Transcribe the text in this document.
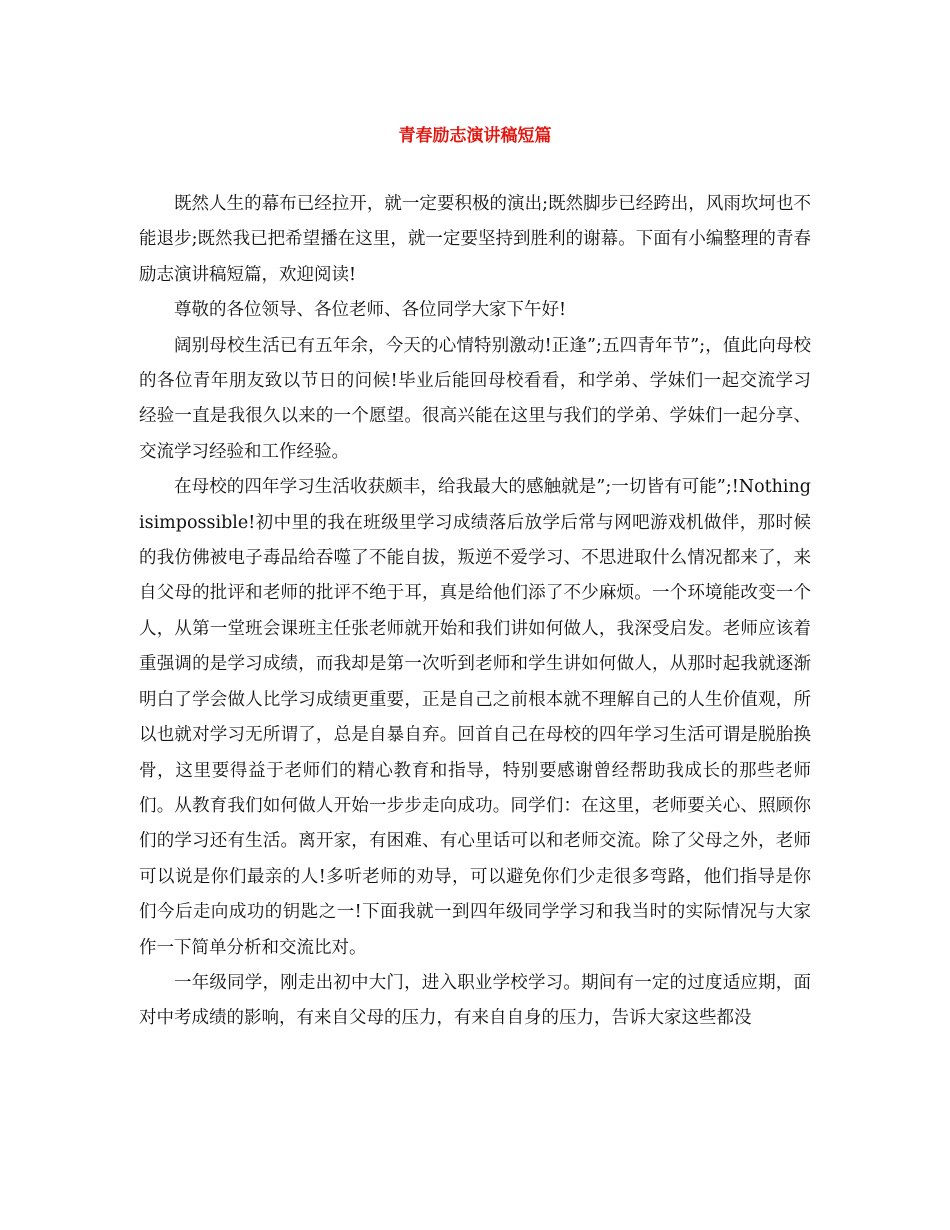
青春励志演讲稿短篇

既然人生的幕布已经拉开，就一定要积极的演出;既然脚步已经跨出，风雨坎坷也不能退步;既然我已把希望播在这里，就一定要坚持到胜利的谢幕。下面有小编整理的青春励志演讲稿短篇，欢迎阅读!

尊敬的各位领导、各位老师、各位同学大家下午好!

阔别母校生活已有五年余，今天的心情特别激动!正逢”;五四青年节”;，值此向母校的各位青年朋友致以节日的问候!毕业后能回母校看看，和学弟、学妹们一起交流学习经验一直是我很久以来的一个愿望。很高兴能在这里与我们的学弟、学妹们一起分享、交流学习经验和工作经验。

在母校的四年学习生活收获颇丰，给我最大的感触就是”;一切皆有可能”;!Nothingisimpossible!初中里的我在班级里学习成绩落后放学后常与网吧游戏机做伴，那时候的我仿佛被电子毒品给吞噬了不能自拔，叛逆不爱学习、不思进取什么情况都来了，来自父母的批评和老师的批评不绝于耳，真是给他们添了不少麻烦。一个环境能改变一个人，从第一堂班会课班主任张老师就开始和我们讲如何做人，我深受启发。老师应该着重强调的是学习成绩，而我却是第一次听到老师和学生讲如何做人，从那时起我就逐渐明白了学会做人比学习成绩更重要，正是自己之前根本就不理解自己的人生价值观，所以也就对学习无所谓了，总是自暴自弃。回首自己在母校的四年学习生活可谓是脱胎换骨，这里要得益于老师们的精心教育和指导，特别要感谢曾经帮助我成长的那些老师们。从教育我们如何做人开始一步步走向成功。同学们：在这里，老师要关心、照顾你们的学习还有生活。离开家，有困难、有心里话可以和老师交流。除了父母之外，老师可以说是你们最亲的人!多听老师的劝导，可以避免你们少走很多弯路，他们指导是你们今后走向成功的钥匙之一!下面我就一到四年级同学学习和我当时的实际情况与大家作一下简单分析和交流比对。

一年级同学，刚走出初中大门，进入职业学校学习。期间有一定的过度适应期，面对中考成绩的影响，有来自父母的压力，有来自自身的压力，告诉大家这些都没
